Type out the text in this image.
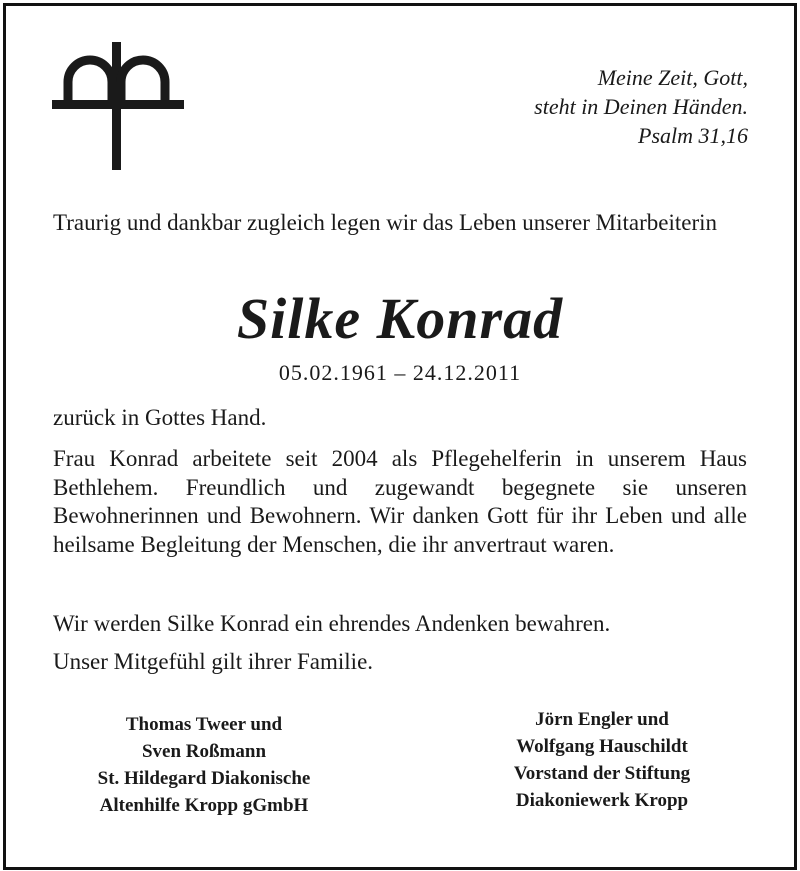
Meine Zeit, Gott,
steht in Deinen Händen.
Psalm 31,16
Traurig und dankbar zugleich legen wir das Leben unserer Mitarbeiterin
Silke Konrad
05.02.1961 – 24.12.2011
zurück in Gottes Hand.
Frau Konrad arbeitete seit 2004 als Pflegehelferin in unserem Haus Bethlehem. Freundlich und zugewandt begegnete sie unseren Bewohnerinnen und Bewohnern. Wir danken Gott für ihr Leben und alle heilsame Begleitung der Menschen, die ihr anvertraut waren.
Wir werden Silke Konrad ein ehrendes Andenken bewahren.
Unser Mitgefühl gilt ihrer Familie.
Thomas Tweer und
Sven Roßmann
St. Hildegard Diakonische
Altenhilfe Kropp gGmbH
Jörn Engler und
Wolfgang Hauschildt
Vorstand der Stiftung
Diakoniewerk Kropp
